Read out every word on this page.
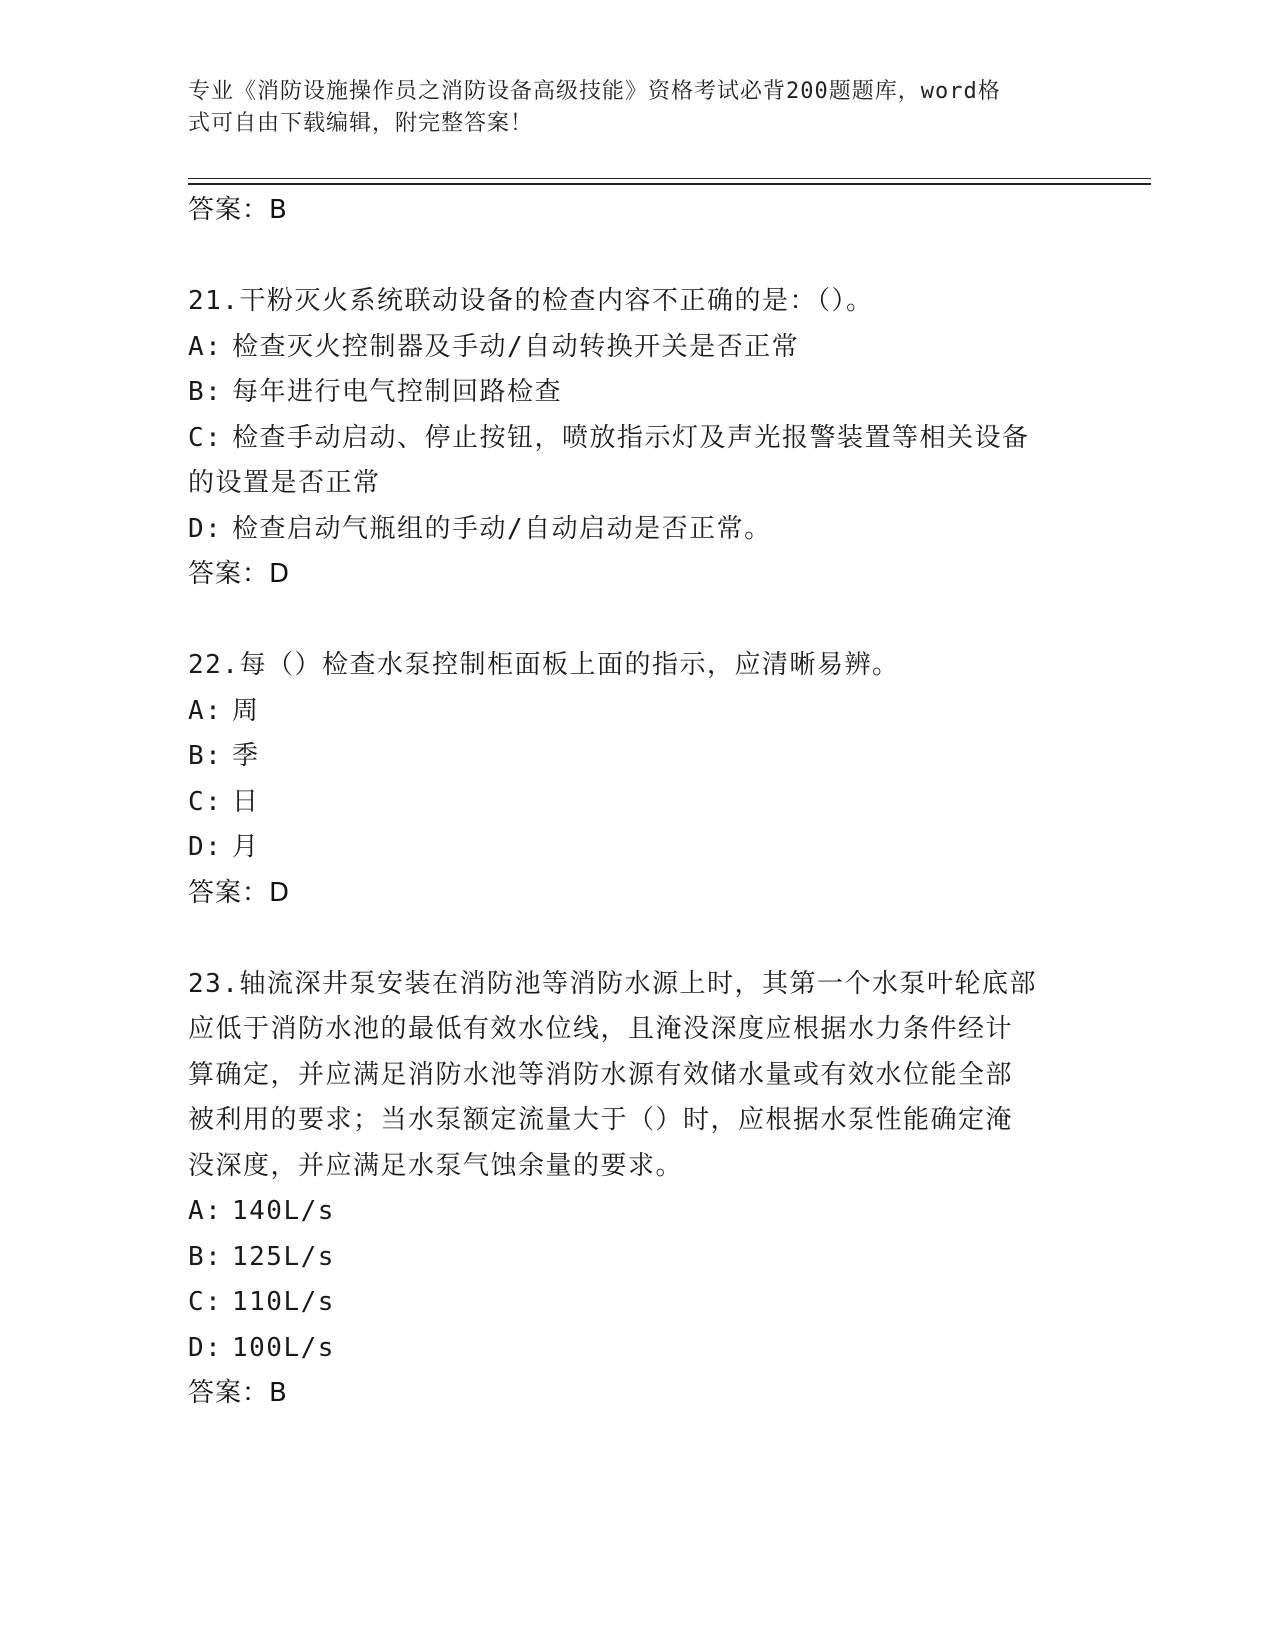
专业《消防设施操作员之消防设备高级技能》资格考试必背200题题库，word格
式可自由下载编辑，附完整答案！
答案：B
21.干粉灭火系统联动设备的检查内容不正确的是：（）。
A: 检查灭火控制器及手动/自动转换开关是否正常
B: 每年进行电气控制回路检查
C: 检查手动启动、停止按钮，喷放指示灯及声光报警装置等相关设备
的设置是否正常
D: 检查启动气瓶组的手动/自动启动是否正常。
答案：D
22.每（）检查水泵控制柜面板上面的指示，应清晰易辨。
A: 周
B: 季
C: 日
D: 月
答案：D
23.轴流深井泵安装在消防池等消防水源上时，其第一个水泵叶轮底部
应低于消防水池的最低有效水位线，且淹没深度应根据水力条件经计
算确定，并应满足消防水池等消防水源有效储水量或有效水位能全部
被利用的要求；当水泵额定流量大于（）时，应根据水泵性能确定淹
没深度，并应满足水泵气蚀余量的要求。
A: 140L/s
B: 125L/s
C: 110L/s
D: 100L/s
答案：B
